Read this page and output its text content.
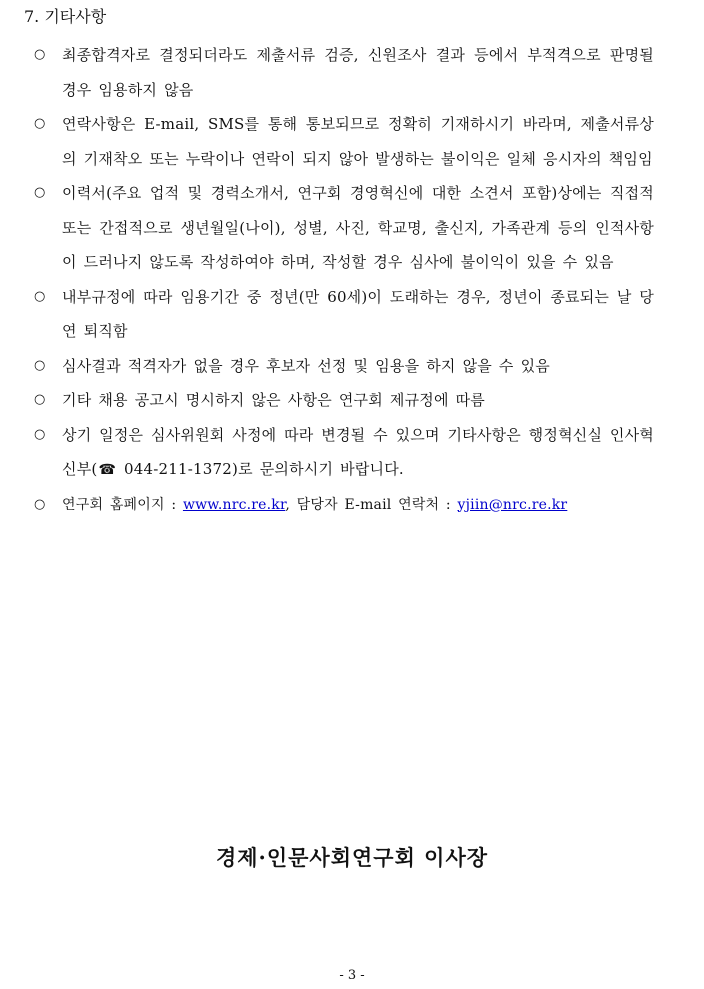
7. 기타사항
○	최종합격자로 결정되더라도 제출서류 검증, 신원조사 결과 등에서 부적격으로 판명될 경우 임용하지 않음
○	연락사항은 E-mail, SMS를 통해 통보되므로 정확히 기재하시기 바라며, 제출서류상의 기재착오 또는 누락이나 연락이 되지 않아 발생하는 불이익은 일체 응시자의 책임임
○	이력서(주요 업적 및 경력소개서, 연구회 경영혁신에 대한 소견서 포함)상에는 직접적 또는 간접적으로 생년월일(나이), 성별, 사진, 학교명, 출신지, 가족관계 등의 인적사항이 드러나지 않도록 작성하여야 하며, 작성할 경우 심사에 불이익이 있을 수 있음
○	내부규정에 따라 임용기간 중 정년(만 60세)이 도래하는 경우, 정년이 종료되는 날 당연 퇴직함
○	심사결과 적격자가 없을 경우 후보자 선정 및 임용을 하지 않을 수 있음
○	기타 채용 공고시 명시하지 않은 사항은 연구회 제규정에 따름
○	상기 일정은 심사위원회 사정에 따라 변경될 수 있으며 기타사항은 행정혁신실 인사혁신부(☎ 044-211-1372)로 문의하시기 바랍니다.
○	연구회 홈페이지 : www.nrc.re.kr, 담당자 E-mail 연락처 : yjiin@nrc.re.kr
경제·인문사회연구회 이사장
- 3 -
